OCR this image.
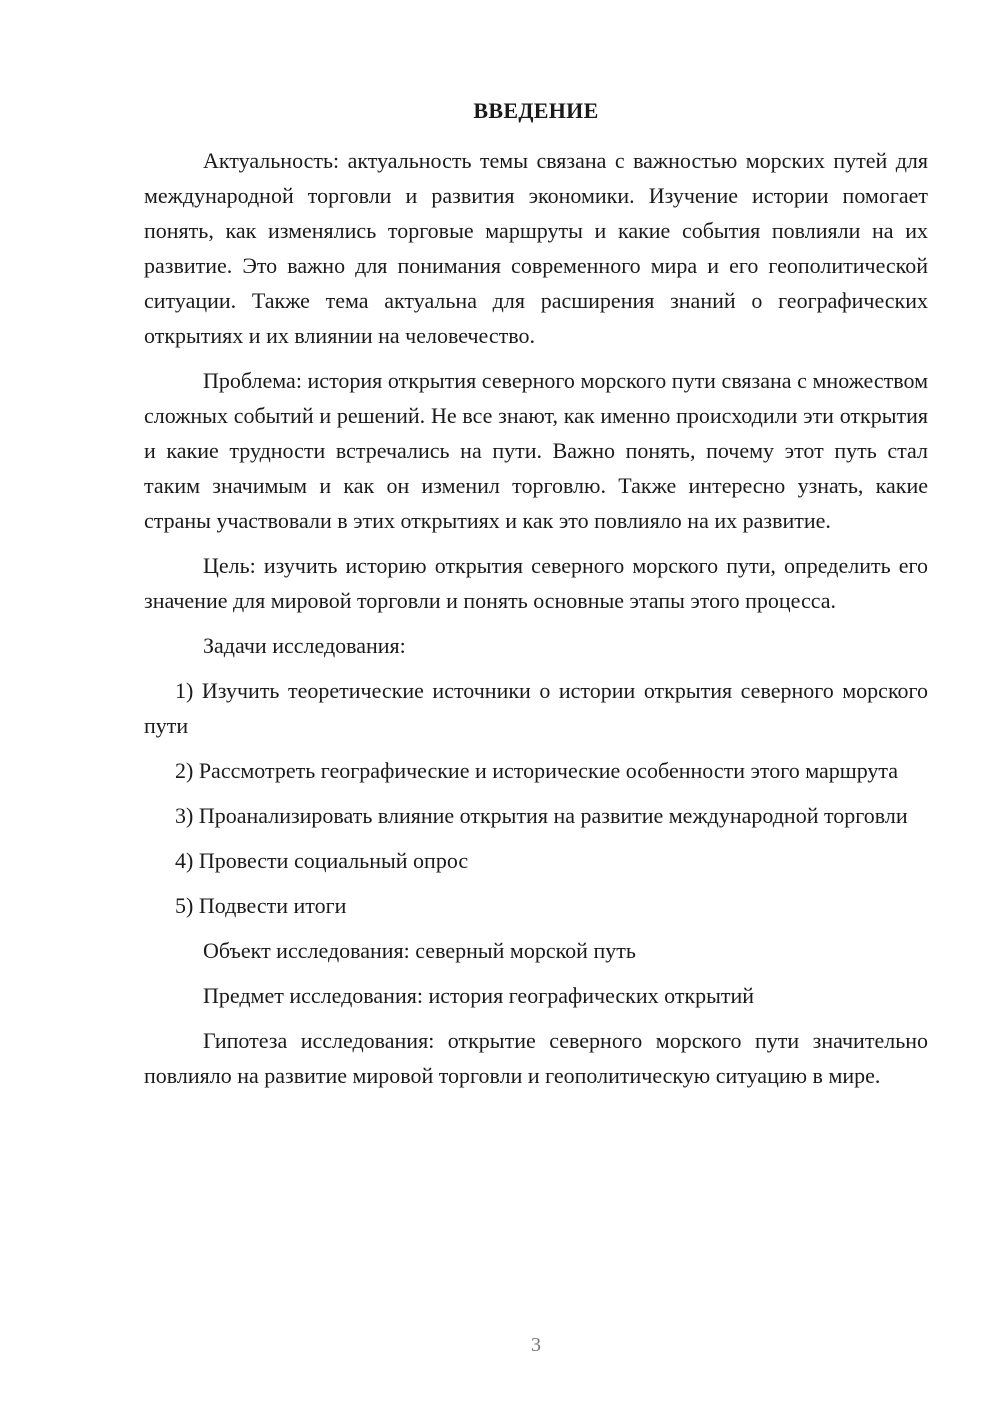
ВВЕДЕНИЕ

Актуальность: актуальность темы связана с важностью морских путей для международной торговли и развития экономики. Изучение истории помогает понять, как изменялись торговые маршруты и какие события повлияли на их развитие. Это важно для понимания современного мира и его геополитической ситуации. Также тема актуальна для расширения знаний о географических открытиях и их влиянии на человечество.

Проблема: история открытия северного морского пути связана с множеством сложных событий и решений. Не все знают, как именно происходили эти открытия и какие трудности встречались на пути. Важно понять, почему этот путь стал таким значимым и как он изменил торговлю. Также интересно узнать, какие страны участвовали в этих открытиях и как это повлияло на их развитие.

Цель: изучить историю открытия северного морского пути, определить его значение для мировой торговли и понять основные этапы этого процесса.

Задачи исследования:

1) Изучить теоретические источники о истории открытия северного морского пути

2) Рассмотреть географические и исторические особенности этого маршрута

3) Проанализировать влияние открытия на развитие международной торговли

4) Провести социальный опрос

5) Подвести итоги

Объект исследования: северный морской путь

Предмет исследования: история географических открытий

Гипотеза исследования: открытие северного морского пути значительно повлияло на развитие мировой торговли и геополитическую ситуацию в мире.

3
